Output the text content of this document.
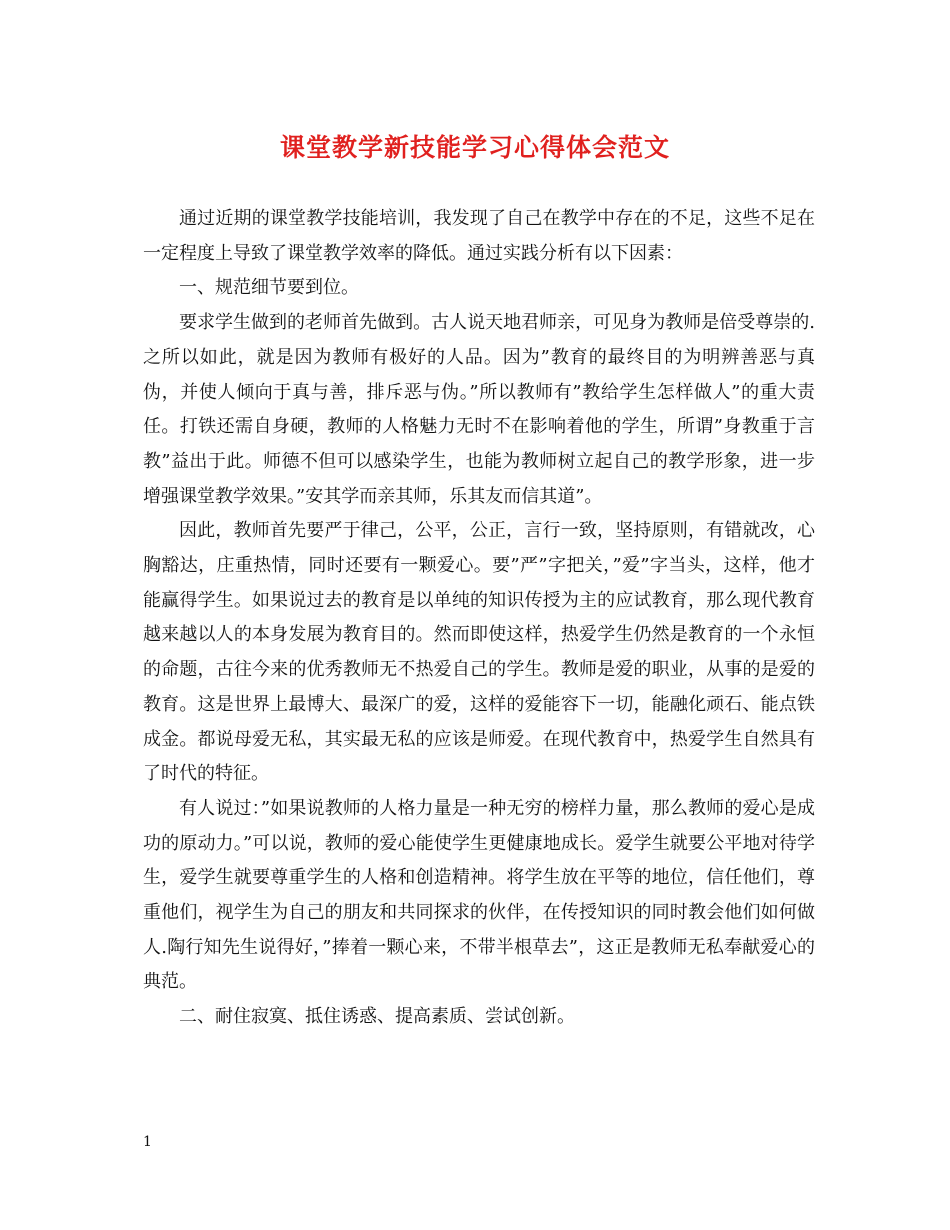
课堂教学新技能学习心得体会范文

通过近期的课堂教学技能培训，我发现了自己在教学中存在的不足，这些不足在一定程度上导致了课堂教学效率的降低。通过实践分析有以下因素：

一、规范细节要到位。

要求学生做到的老师首先做到。古人说天地君师亲，可见身为教师是倍受尊崇的.之所以如此，就是因为教师有极好的人品。因为”教育的最终目的为明辨善恶与真伪，并使人倾向于真与善，排斥恶与伪。”所以教师有”教给学生怎样做人”的重大责任。打铁还需自身硬，教师的人格魅力无时不在影响着他的学生，所谓”身教重于言教”益出于此。师德不但可以感染学生，也能为教师树立起自己的教学形象，进一步增强课堂教学效果。”安其学而亲其师，乐其友而信其道”。

因此，教师首先要严于律己，公平，公正，言行一致，坚持原则，有错就改，心胸豁达，庄重热情，同时还要有一颗爱心。要”严”字把关，”爱”字当头，这样，他才能赢得学生。如果说过去的教育是以单纯的知识传授为主的应试教育，那么现代教育越来越以人的本身发展为教育目的。然而即使这样，热爱学生仍然是教育的一个永恒的命题，古往今来的优秀教师无不热爱自己的学生。教师是爱的职业，从事的是爱的教育。这是世界上最博大、最深广的爱，这样的爱能容下一切，能融化顽石、能点铁成金。都说母爱无私，其实最无私的应该是师爱。在现代教育中，热爱学生自然具有了时代的特征。

有人说过：”如果说教师的人格力量是一种无穷的榜样力量，那么教师的爱心是成功的原动力。”可以说，教师的爱心能使学生更健康地成长。爱学生就要公平地对待学生，爱学生就要尊重学生的人格和创造精神。将学生放在平等的地位，信任他们，尊重他们，视学生为自己的朋友和共同探求的伙伴，在传授知识的同时教会他们如何做人.陶行知先生说得好，”捧着一颗心来，不带半根草去”，这正是教师无私奉献爱心的典范。

二、耐住寂寞、抵住诱惑、提高素质、尝试创新。

1
